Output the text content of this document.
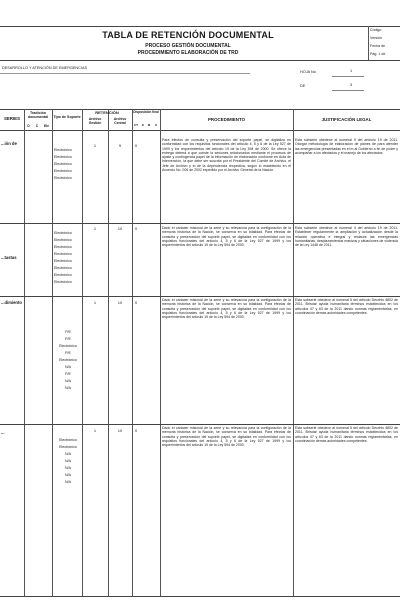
TABLA DE RETENCIÓN DOCUMENTAL
PROCESO GESTIÓN DOCUMENTAL
PROCEDIMIENTO ELABORACIÓN DE TRD
Código
Versión
Fecha de
Pág. 1 de
DESARROLLO Y ATENCIÓN DE EMERGENCIAS
HOJA No	1
DE	3
SERIES
Tradición documental
O	C	Ele
Tipo de Soporte
RETENCIÓN
Archivo Gestión
Archivo Central
Disposición final
CT	E	M	S
PROCEDIMIENTO	JUSTIFICACIÓN LEGAL
...ión de
Electrónico
Electrónico
Electrónico
Electrónico
Electrónico
1	9	X
Para efectos de consulta y preservación del soporte papel, se digitaliza en conformidad con los requisitos funcionales del artículo 4, 5 y 6 de la Ley 527 de 1999 y los requerimientos del artículo 19 de la Ley 594 de 2000. Se ofrece la entrega deberá a que conste la sesiones relacionados mediante el procesos de ajuste y contingencia papel de la información de elaboración conforme en Acta de Intervención, la que debe ser suscrita por el Presidente del Comité de Archivo, el Jefe de Archivo y el de la dependencia respectiva, según lo establecido en el Acuerdo No. 006 de 2002 expedido por el Archivo General de la Nación.
Esta subserie obedece al numeral 9 del artículo 19 de 2011. Otorgar metodología de elaboración de planes de para atender las emergencias presentadas en el m al Gobierno a fin de poder y acompañar a los afectados y el manejo de los afectados.
...tastas
Electrónico
Electrónico
Electrónico
Electrónico
Electrónico
Electrónico
Electrónico
Electrónico
1	10	X	Dado el carácter misional de la serie y su relevancia para la configuración de la memoria histórica de la Nación, se conserva en su totalidad. Para efectos de consulta y preservación del soporte papel, se digitaliza en conformidad con los requisitos funcionales del artículo 4, 5 y 6 de la Ley 527 de 1999 y los requerimientos del artículo 19 de la Ley 594 de 2000.
Esta subserie obedece al numeral 4 del artículo 19 de 2011. Establecer regularmente la ampliación y actualización desde la relación operativa e integral y restaure las emergencias humanitarias, desplazamientos masivos y situaciones de violencia de la Ley 1448 de 2011.
...dimiento
P/E
P/E
Electrónico
P/E
Electrónico
N/A
P/E
N/A
N/A
1	10	X	Dado el carácter misional de la serie y su relevancia para la configuración de la memoria histórica de la Nación, se conserva en su totalidad. Para efectos de consulta y preservación del soporte papel, se digitaliza en conformidad con los requisitos funcionales del artículo 4, 5 y 6 de la Ley 527 de 1999 y los requerimientos del artículo 19 de la Ley 594 de 2000.
Esta subserie obedece al numeral 5 del artículo Decreto 4802 de 2011. Brindar ayuda humanitaria términos establecidos en los artículos 47 y 63 de la 2011 dando normas reglamentarias, en coordinación demás autoridades competentes.
...
Electrónico
Electrónico
N/A
N/A
N/A
N/A
N/A
1	10	X	Dado el carácter misional de la serie y su relevancia para la configuración de la memoria histórica de la Nación, se conserva en su totalidad. Para efectos de consulta y preservación del soporte papel, se digitaliza en conformidad con los requisitos funcionales del artículo 4, 5 y 6 de la Ley 527 de 1999 y los requerimientos del artículo 19 de la Ley 594 de 2000.
Esta subserie obedece al numeral 5 del artículo Decreto 4802 de 2011. Brindar ayuda humanitaria términos establecidos en los artículos 47 y 63 de la 2011 dando normas reglamentarias, en coordinación demás autoridades competentes.
